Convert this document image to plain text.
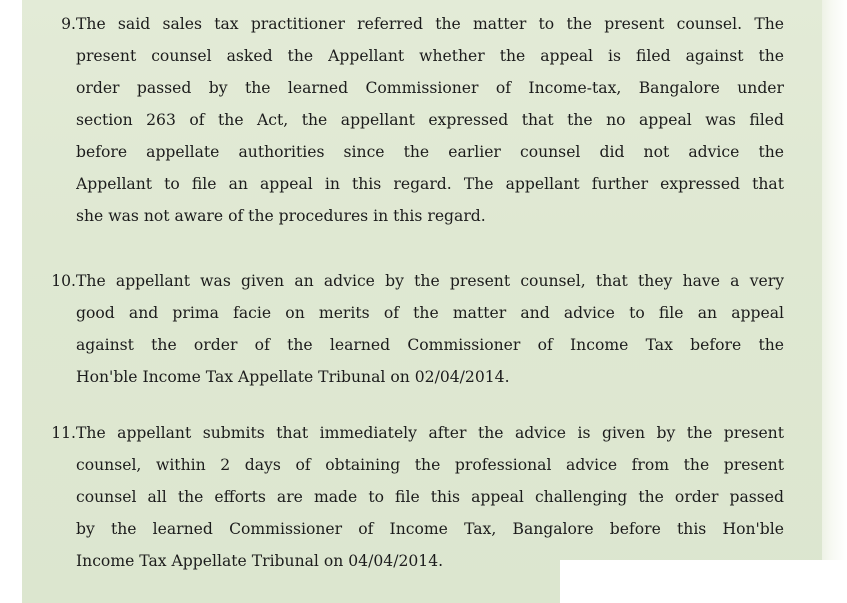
9. The said sales tax practitioner referred the matter to the present counsel. The
present counsel asked the Appellant whether the appeal is filed against the
order passed by the learned Commissioner of Income-tax, Bangalore under
section 263 of the Act, the appellant expressed that the no appeal was filed
before appellate authorities since the earlier counsel did not advice the
Appellant to file an appeal in this regard. The appellant further expressed that
she was not aware of the procedures in this regard.
10. The appellant was given an advice by the present counsel, that they have a very
good and prima facie on merits of the matter and advice to file an appeal
against the order of the learned Commissioner of Income Tax before the
Hon'ble Income Tax Appellate Tribunal on 02/04/2014.
11. The appellant submits that immediately after the advice is given by the present
counsel, within 2 days of obtaining the professional advice from the present
counsel all the efforts are made to file this appeal challenging the order passed
by the learned Commissioner of Income Tax, Bangalore before this Hon'ble
Income Tax Appellate Tribunal on 04/04/2014.
